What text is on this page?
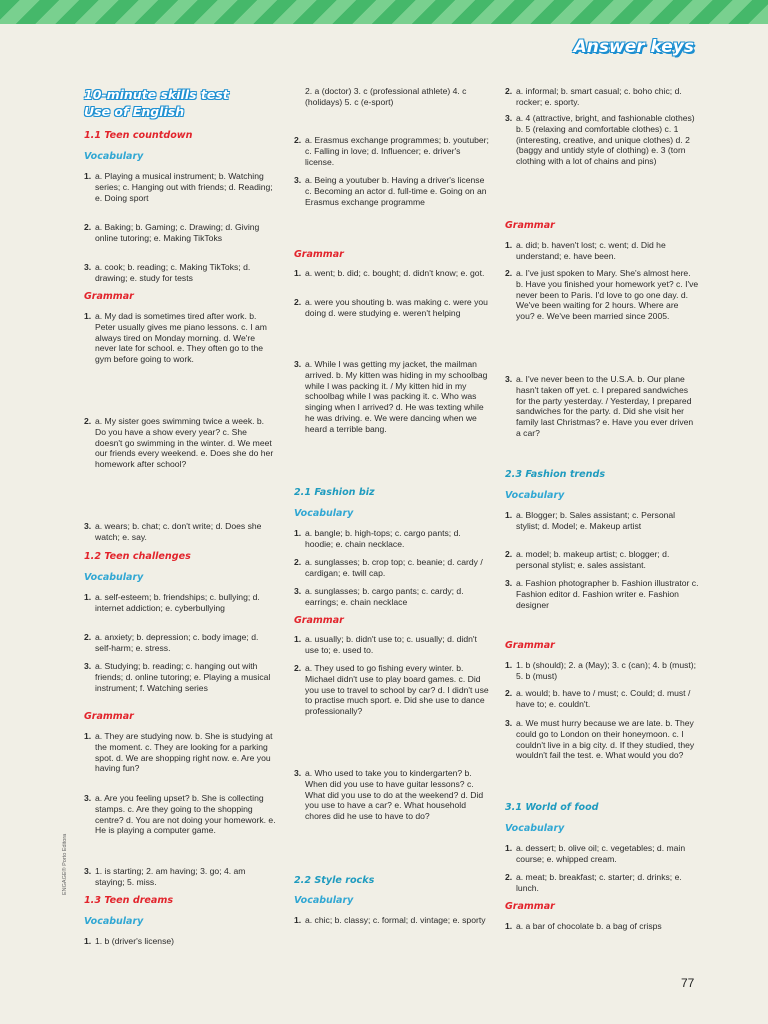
Answer keys
10-minute skills test
Use of English
1.1 Teen countdown
Vocabulary
1. a. Playing a musical instrument; b. Watching series; c. Hanging out with friends; d. Reading; e. Doing sport
2. a. Baking; b. Gaming; c. Drawing; d. Giving online tutoring; e. Making TikToks
3. a. cook; b. reading; c. Making TikToks; d. drawing; e. study for tests
Grammar
1. a. My dad is sometimes tired after work. b. Peter usually gives me piano lessons. c. I am always tired on Monday morning. d. We're never late for school. e. They often go to the gym before going to work.
2. a. My sister goes swimming twice a week. b. Do you have a show every year? c. She doesn't go swimming in the winter. d. We meet our friends every weekend. e. Does she do her homework after school?
3. a. wears; b. chat; c. don't write; d. Does she watch; e. say.
1.2 Teen challenges
Vocabulary
1. a. self-esteem; b. friendships; c. bullying; d. internet addiction; e. cyberbullying
2. a. anxiety; b. depression; c. body image; d. self-harm; e. stress.
3. a. Studying; b. reading; c. hanging out with friends; d. online tutoring; e. Playing a musical instrument; f. Watching series
Grammar
1. a. They are studying now. b. She is studying at the moment. c. They are looking for a parking spot. d. We are shopping right now. e. Are you having fun?
3. a. Are you feeling upset? b. She is collecting stamps. c. Are they going to the shopping centre? d. You are not doing your homework. e. He is playing a computer game.
3. 1. is starting; 2. am having; 3. go; 4. am staying; 5. miss.
1.3 Teen dreams
Vocabulary
1. 1. b (driver's license)
2. a (doctor) 3. c (professional athlete) 4. c (holidays) 5. c (e-sport)
2. a. Erasmus exchange programmes; b. youtuber; c. Falling in love; d. Influencer; e. driver's license.
3. a. Being a youtuber b. Having a driver's license c. Becoming an actor d. full-time e. Going on an Erasmus exchange programme
Grammar
1. a. went; b. did; c. bought; d. didn't know; e. got.
2. a. were you shouting b. was making c. were you doing d. were studying e. weren't helping
3. a. While I was getting my jacket, the mailman arrived. b. My kitten was hiding in my schoolbag while I was packing it. / My kitten hid in my schoolbag while I was packing it. c. Who was singing when I arrived? d. He was texting while he was driving. e. We were dancing when we heard a terrible bang.
2.1 Fashion biz
Vocabulary
1. a. bangle; b. high-tops; c. cargo pants; d. hoodie; e. chain necklace.
2. a. sunglasses; b. crop top; c. beanie; d. cardy / cardigan; e. twill cap.
3. a. sunglasses; b. cargo pants; c. cardy; d. earrings; e. chain necklace
Grammar
1. a. usually; b. didn't use to; c. usually; d. didn't use to; e. used to.
2. a. They used to go fishing every winter. b. Michael didn't use to play board games. c. Did you use to travel to school by car? d. I didn't use to practise much sport. e. Did she use to dance professionally?
3. a. Who used to take you to kindergarten? b. When did you use to have guitar lessons? c. What did you use to do at the weekend? d. Did you use to have a car? e. What household chores did he use to have to do?
2.2 Style rocks
Vocabulary
1. a. chic; b. classy; c. formal; d. vintage; e. sporty
2. a. informal; b. smart casual; c. boho chic; d. rocker; e. sporty.
3. a. 4 (attractive, bright, and fashionable clothes) b. 5 (relaxing and comfortable clothes) c. 1 (interesting, creative, and unique clothes) d. 2 (baggy and untidy style of clothing) e. 3 (torn clothing with a lot of chains and pins)
Grammar
1. a. did; b. haven't lost; c. went; d. Did he understand; e. have been.
2. a. I've just spoken to Mary. She's almost here. b. Have you finished your homework yet? c. I've never been to Paris. I'd love to go one day. d. We've been waiting for 2 hours. Where are you? e. We've been married since 2005.
3. a. I've never been to the U.S.A. b. Our plane hasn't taken off yet. c. I prepared sandwiches for the party yesterday. / Yesterday, I prepared sandwiches for the party. d. Did she visit her family last Christmas? e. Have you ever driven a car?
2.3 Fashion trends
Vocabulary
1. a. Blogger; b. Sales assistant; c. Personal stylist; d. Model; e. Makeup artist
2. a. model; b. makeup artist; c. blogger; d. personal stylist; e. sales assistant.
3. a. Fashion photographer b. Fashion illustrator c. Fashion editor d. Fashion writer e. Fashion designer
Grammar
1. 1. b (should); 2. a (May); 3. c (can); 4. b (must); 5. b (must)
2. a. would; b. have to / must; c. Could; d. must / have to; e. couldn't.
3. a. We must hurry because we are late. b. They could go to London on their honeymoon. c. I couldn't live in a big city. d. If they studied, they wouldn't fail the test. e. What would you do?
3.1 World of food
Vocabulary
1. a. dessert; b. olive oil; c. vegetables; d. main course; e. whipped cream.
2. a. meat; b. breakfast; c. starter; d. drinks; e. lunch.
Grammar
1. a. a bar of chocolate b. a bag of crisps
ENGAGE® Porto Editora
77
